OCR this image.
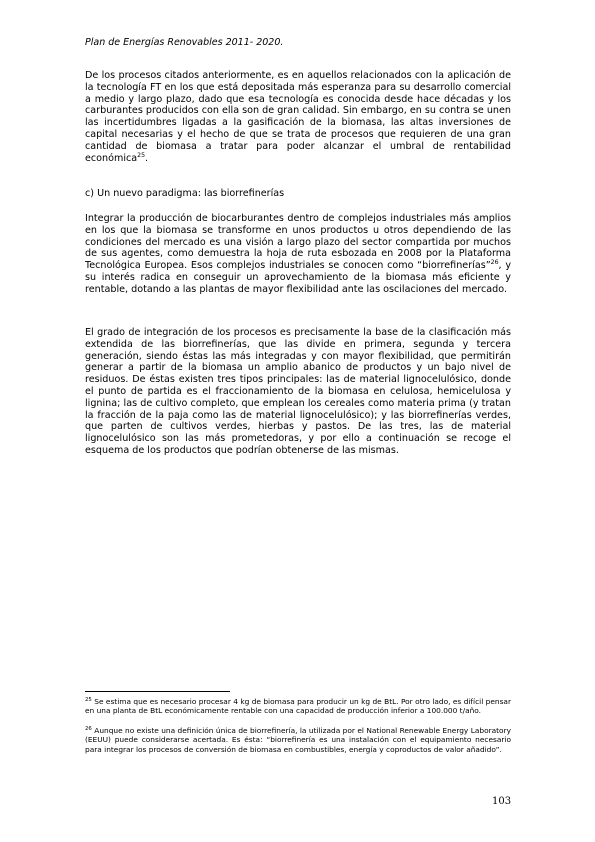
Plan de Energías Renovables 2011- 2020.

De los procesos citados anteriormente, es en aquellos relacionados con la aplicación de la tecnología FT en los que está depositada más esperanza para su desarrollo comercial a medio y largo plazo, dado que esa tecnología es conocida desde hace décadas y los carburantes producidos con ella son de gran calidad. Sin embargo, en su contra se unen las incertidumbres ligadas a la gasificación de la biomasa, las altas inversiones de capital necesarias y el hecho de que se trata de procesos que requieren de una gran cantidad de biomasa a tratar para poder alcanzar el umbral de rentabilidad económica$^{25}$.

c) Un nuevo paradigma: las biorrefinerías

Integrar la producción de biocarburantes dentro de complejos industriales más amplios en los que la biomasa se transforme en unos productos u otros dependiendo de las condiciones del mercado es una visión a largo plazo del sector compartida por muchos de sus agentes, como demuestra la hoja de ruta esbozada en 2008 por la Plataforma Tecnológica Europea. Esos complejos industriales se conocen como “biorrefinerías”$^{26}$, y su interés radica en conseguir un aprovechamiento de la biomasa más eficiente y rentable, dotando a las plantas de mayor flexibilidad ante las oscilaciones del mercado.

El grado de integración de los procesos es precisamente la base de la clasificación más extendida de las biorrefinerías, que las divide en primera, segunda y tercera generación, siendo éstas las más integradas y con mayor flexibilidad, que permitirán generar a partir de la biomasa un amplio abanico de productos y un bajo nivel de residuos. De éstas existen tres tipos principales: las de material lignocelulósico, donde el punto de partida es el fraccionamiento de la biomasa en celulosa, hemicelulosa y lignina; las de cultivo completo, que emplean los cereales como materia prima (y tratan la fracción de la paja como las de material lignocelulósico); y las biorrefinerías verdes, que parten de cultivos verdes, hierbas y pastos. De las tres, las de material lignocelulósico son las más prometedoras, y por ello a continuación se recoge el esquema de los productos que podrían obtenerse de las mismas.

$^{25}$ Se estima que es necesario procesar 4 kg de biomasa para producir un kg de BtL. Por otro lado, es difícil pensar en una planta de BtL económicamente rentable con una capacidad de producción inferior a 100.000 t/año.

$^{26}$ Aunque no existe una definición única de biorrefinería, la utilizada por el National Renewable Energy Laboratory (EEUU) puede considerarse acertada. Es ésta: “biorrefinería es una instalación con el equipamiento necesario para integrar los procesos de conversión de biomasa en combustibles, energía y coproductos de valor añadido”.

103
